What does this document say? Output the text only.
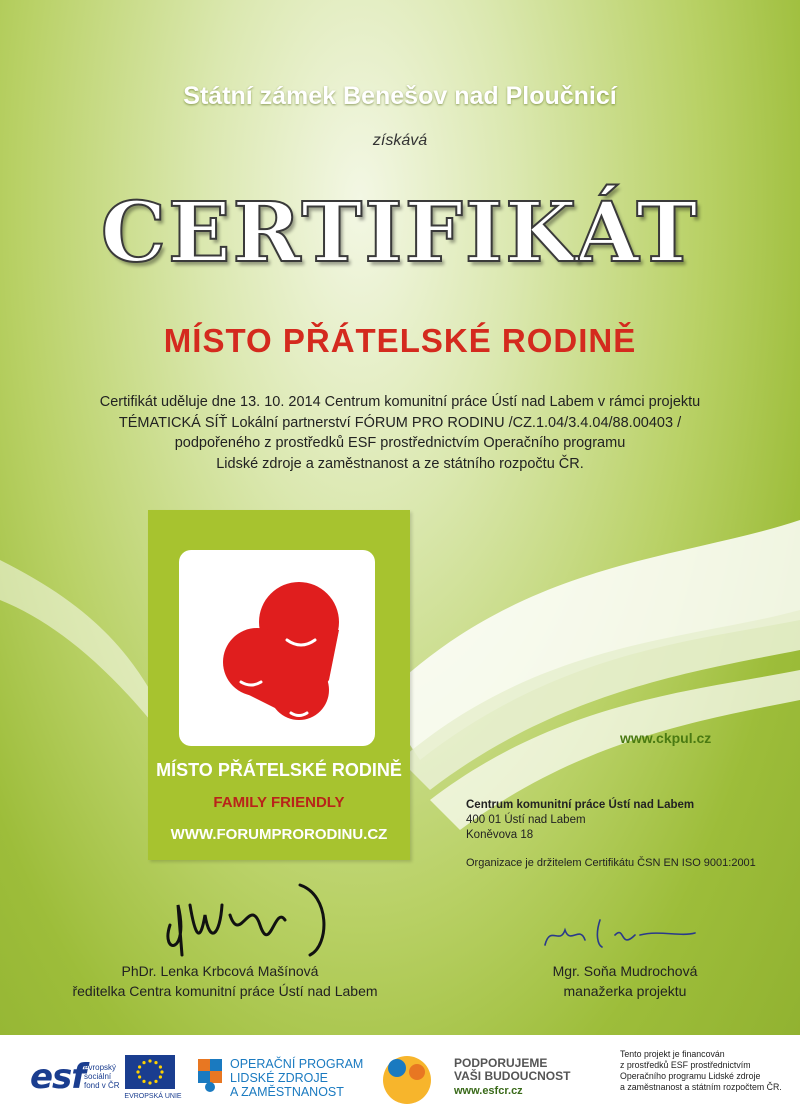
Státní zámek Benešov nad Ploučnicí
získává
CERTIFIKÁT
MÍSTO PŘÁTELSKÉ RODINĚ
Certifikát uděluje dne 13. 10. 2014 Centrum komunitní práce Ústí nad Labem v rámci projektu
TÉMATICKÁ SÍŤ Lokální partnerství FÓRUM PRO RODINU /CZ.1.04/3.4.04/88.00403 /
podpořeného z prostředků ESF prostřednictvím Operačního programu
Lidské zdroje a zaměstnanost a ze státního rozpočtu ČR.
MÍSTO PŘÁTELSKÉ RODINĚ
FAMILY FRIENDLY
WWW.FORUMPRORODINU.CZ
www.ckpul.cz
Centrum komunitní práce Ústí nad Labem
400 01 Ústí nad Labem
Koněvova 18
Organizace je držitelem Certifikátu ČSN EN ISO 9001:2001
PhDr. Lenka Krbcová Mašínová
ředitelka Centra komunitní práce Ústí nad Labem
Mgr. Soňa Mudrochová
manažerka projektu
esf
evropský
sociální
fond v ČR
EVROPSKÁ UNIE
OPERAČNÍ PROGRAM
LIDSKÉ ZDROJE
A ZAMĚSTNANOST
PODPORUJEME
VAŠI BUDOUCNOST
www.esfcr.cz
Tento projekt je financován
z prostředků ESF prostřednictvím
Operačního programu Lidské zdroje
a zaměstnanost a státním rozpočtem ČR.
